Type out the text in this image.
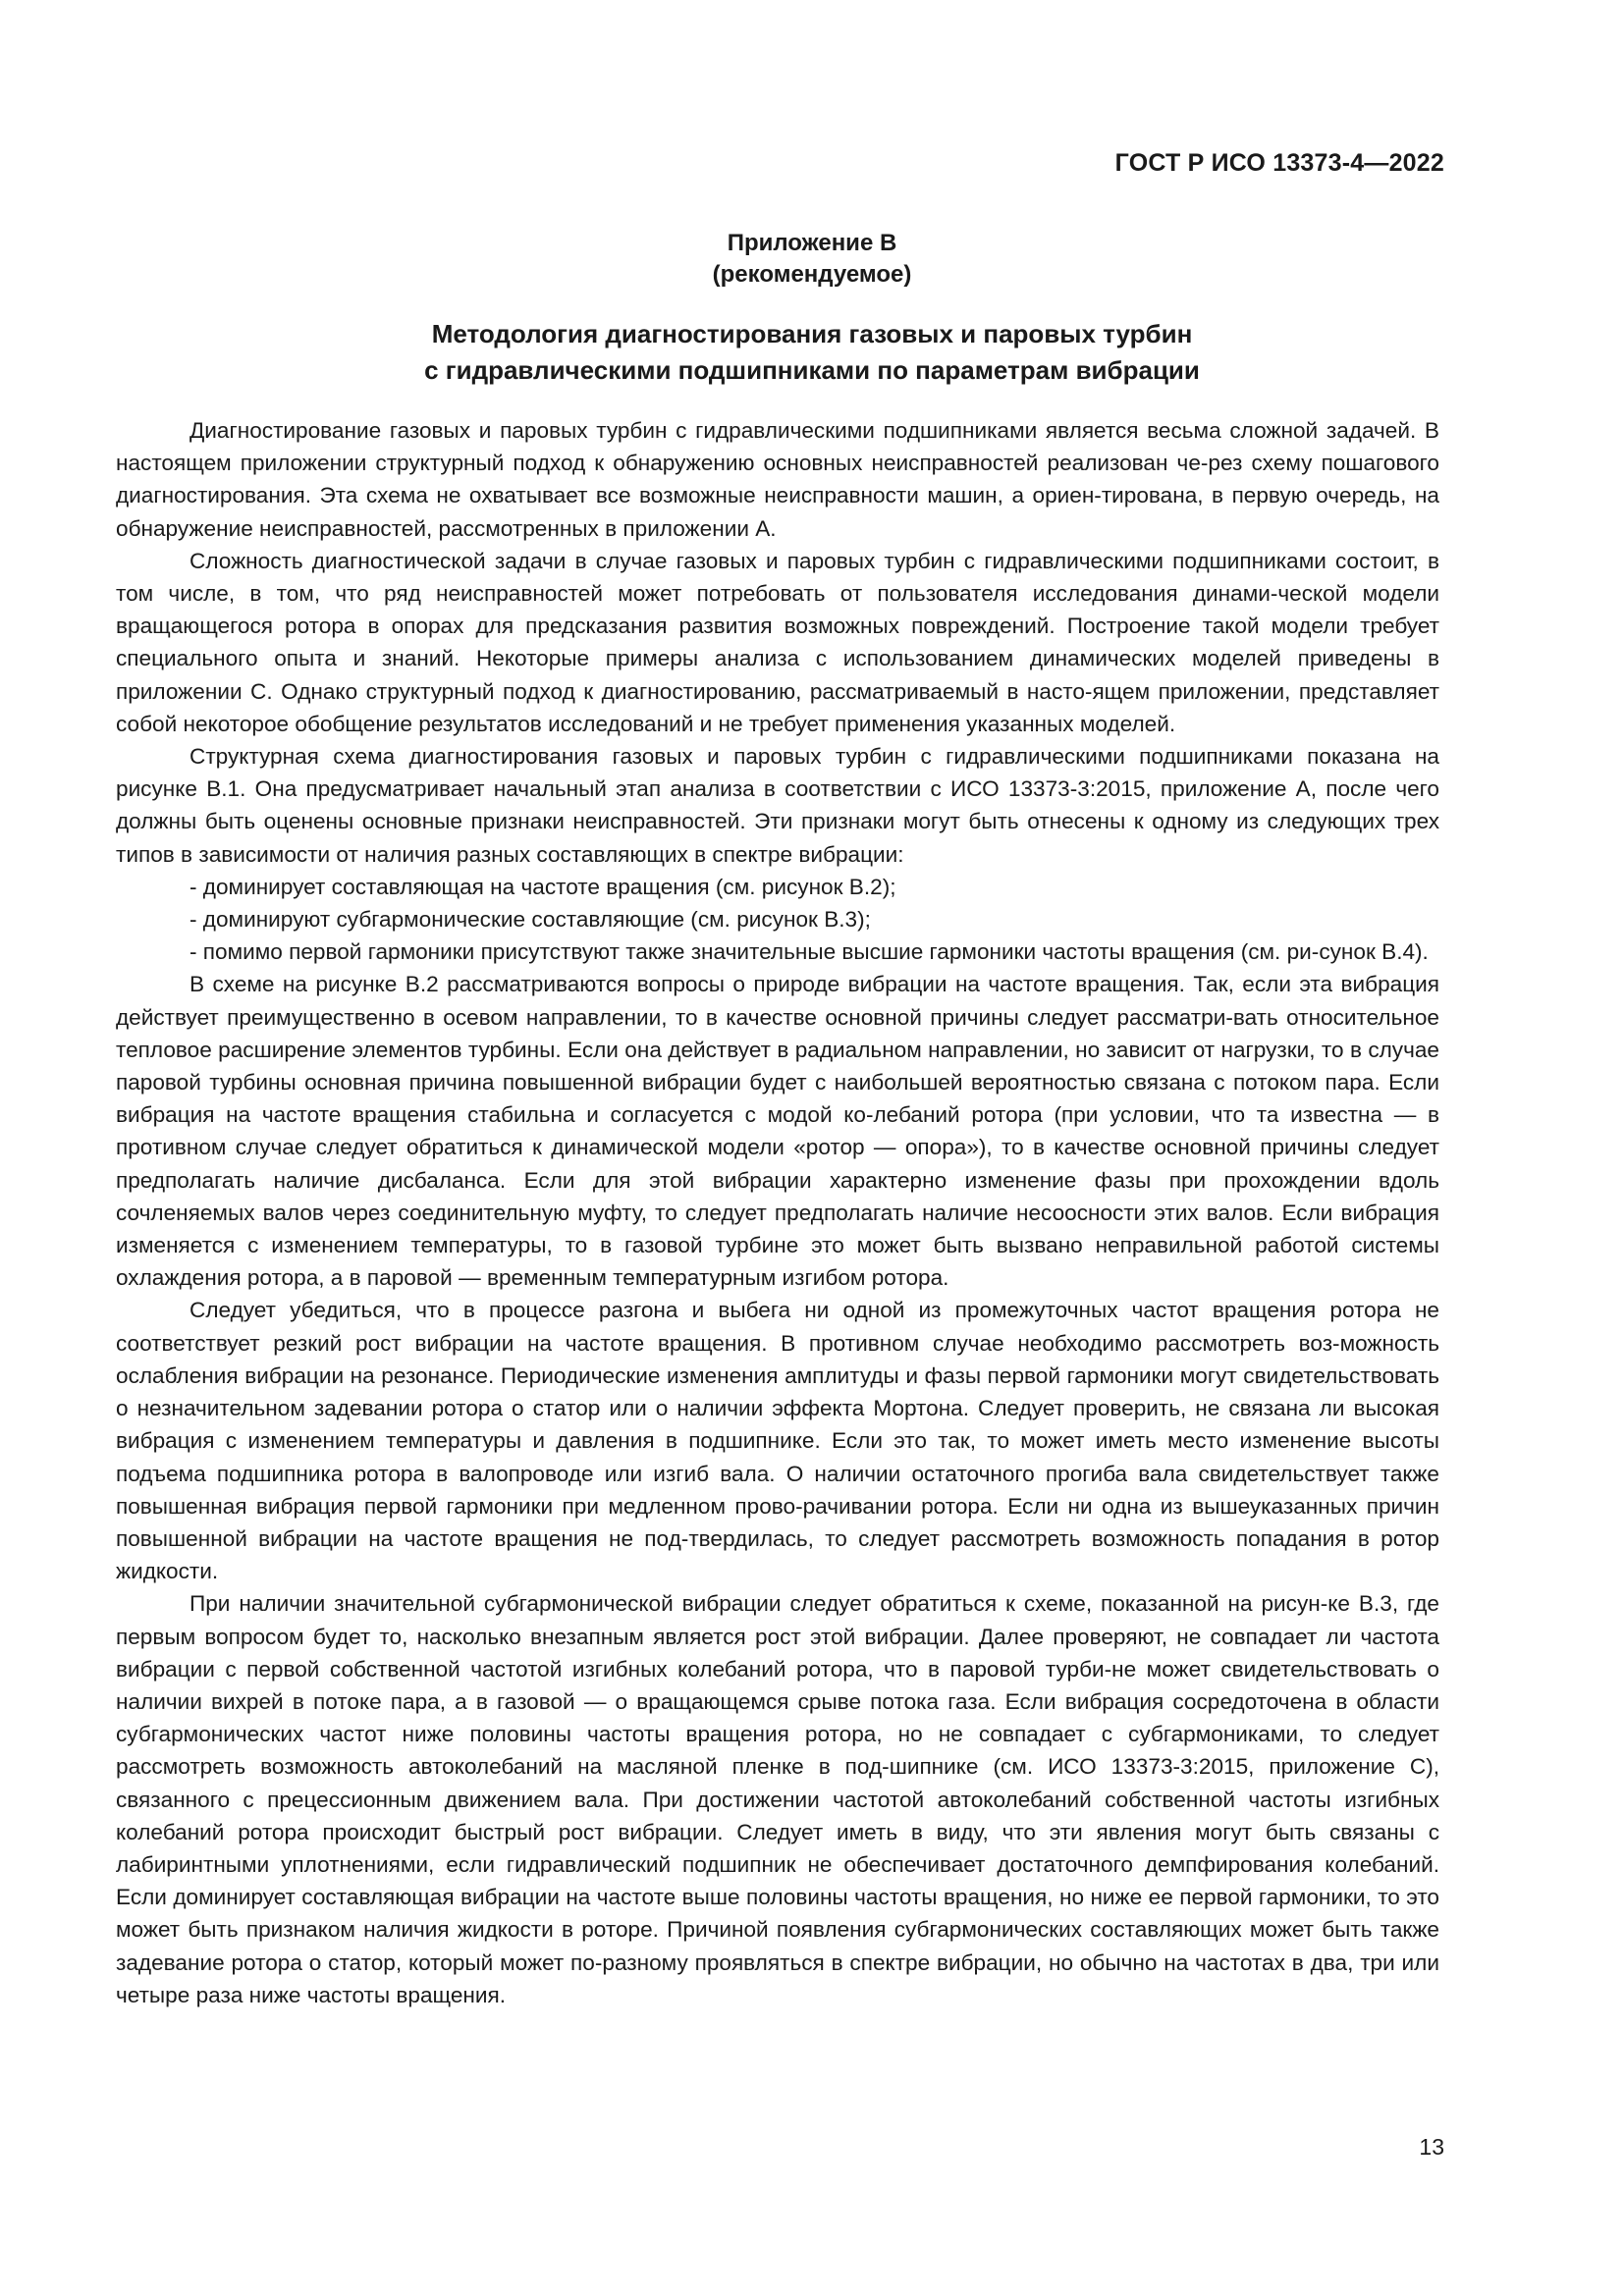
ГОСТ Р ИСО 13373-4—2022
Приложение B
(рекомендуемое)
Методология диагностирования газовых и паровых турбин
с гидравлическими подшипниками по параметрам вибрации

Диагностирование газовых и паровых турбин с гидравлическими подшипниками является весьма сложной задачей. В настоящем приложении структурный подход к обнаружению основных неисправностей реализован че-рез схему пошагового диагностирования. Эта схема не охватывает все возможные неисправности машин, а ориен-тирована, в первую очередь, на обнаружение неисправностей, рассмотренных в приложении А.

Сложность диагностической задачи в случае газовых и паровых турбин с гидравлическими подшипниками состоит, в том числе, в том, что ряд неисправностей может потребовать от пользователя исследования динами-ческой модели вращающегося ротора в опорах для предсказания развития возможных повреждений. Построение такой модели требует специального опыта и знаний. Некоторые примеры анализа с использованием динамических моделей приведены в приложении С. Однако структурный подход к диагностированию, рассматриваемый в насто-ящем приложении, представляет собой некоторое обобщение результатов исследований и не требует применения указанных моделей.

Структурная схема диагностирования газовых и паровых турбин с гидравлическими подшипниками показана на рисунке В.1. Она предусматривает начальный этап анализа в соответствии с ИСО 13373-3:2015, приложение А, после чего должны быть оценены основные признаки неисправностей. Эти признаки могут быть отнесены к одному из следующих трех типов в зависимости от наличия разных составляющих в спектре вибрации:

- доминирует составляющая на частоте вращения (см. рисунок В.2);

- доминируют субгармонические составляющие (см. рисунок В.3);

- помимо первой гармоники присутствуют также значительные высшие гармоники частоты вращения (см. ри-сунок В.4).

В схеме на рисунке В.2 рассматриваются вопросы о природе вибрации на частоте вращения. Так, если эта вибрация действует преимущественно в осевом направлении, то в качестве основной причины следует рассматри-вать относительное тепловое расширение элементов турбины. Если она действует в радиальном направлении, но зависит от нагрузки, то в случае паровой турбины основная причина повышенной вибрации будет с наибольшей вероятностью связана с потоком пара. Если вибрация на частоте вращения стабильна и согласуется с модой ко-лебаний ротора (при условии, что та известна — в противном случае следует обратиться к динамической модели «ротор — опора»), то в качестве основной причины следует предполагать наличие дисбаланса. Если для этой вибрации характерно изменение фазы при прохождении вдоль сочленяемых валов через соединительную муфту, то следует предполагать наличие несоосности этих валов. Если вибрация изменяется с изменением температуры, то в газовой турбине это может быть вызвано неправильной работой системы охлаждения ротора, а в паровой — временным температурным изгибом ротора.

Следует убедиться, что в процессе разгона и выбега ни одной из промежуточных частот вращения ротора не соответствует резкий рост вибрации на частоте вращения. В противном случае необходимо рассмотреть воз-можность ослабления вибрации на резонансе. Периодические изменения амплитуды и фазы первой гармоники могут свидетельствовать о незначительном задевании ротора о статор или о наличии эффекта Мортона. Следует проверить, не связана ли высокая вибрация с изменением температуры и давления в подшипнике. Если это так, то может иметь место изменение высоты подъема подшипника ротора в валопроводе или изгиб вала. О наличии остаточного прогиба вала свидетельствует также повышенная вибрация первой гармоники при медленном прово-рачивании ротора. Если ни одна из вышеуказанных причин повышенной вибрации на частоте вращения не под-твердилась, то следует рассмотреть возможность попадания в ротор жидкости.

При наличии значительной субгармонической вибрации следует обратиться к схеме, показанной на рисун-ке В.3, где первым вопросом будет то, насколько внезапным является рост этой вибрации. Далее проверяют, не совпадает ли частота вибрации с первой собственной частотой изгибных колебаний ротора, что в паровой турби-не может свидетельствовать о наличии вихрей в потоке пара, а в газовой — о вращающемся срыве потока газа. Если вибрация сосредоточена в области субгармонических частот ниже половины частоты вращения ротора, но не совпадает с субгармониками, то следует рассмотреть возможность автоколебаний на масляной пленке в под-шипнике (см. ИСО 13373-3:2015, приложение С), связанного с прецессионным движением вала. При достижении частотой автоколебаний собственной частоты изгибных колебаний ротора происходит быстрый рост вибрации. Следует иметь в виду, что эти явления могут быть связаны с лабиринтными уплотнениями, если гидравлический подшипник не обеспечивает достаточного демпфирования колебаний. Если доминирует составляющая вибрации на частоте выше половины частоты вращения, но ниже ее первой гармоники, то это может быть признаком наличия жидкости в роторе. Причиной появления субгармонических составляющих может быть также задевание ротора о статор, который может по-разному проявляться в спектре вибрации, но обычно на частотах в два, три или четыре раза ниже частоты вращения.

13
